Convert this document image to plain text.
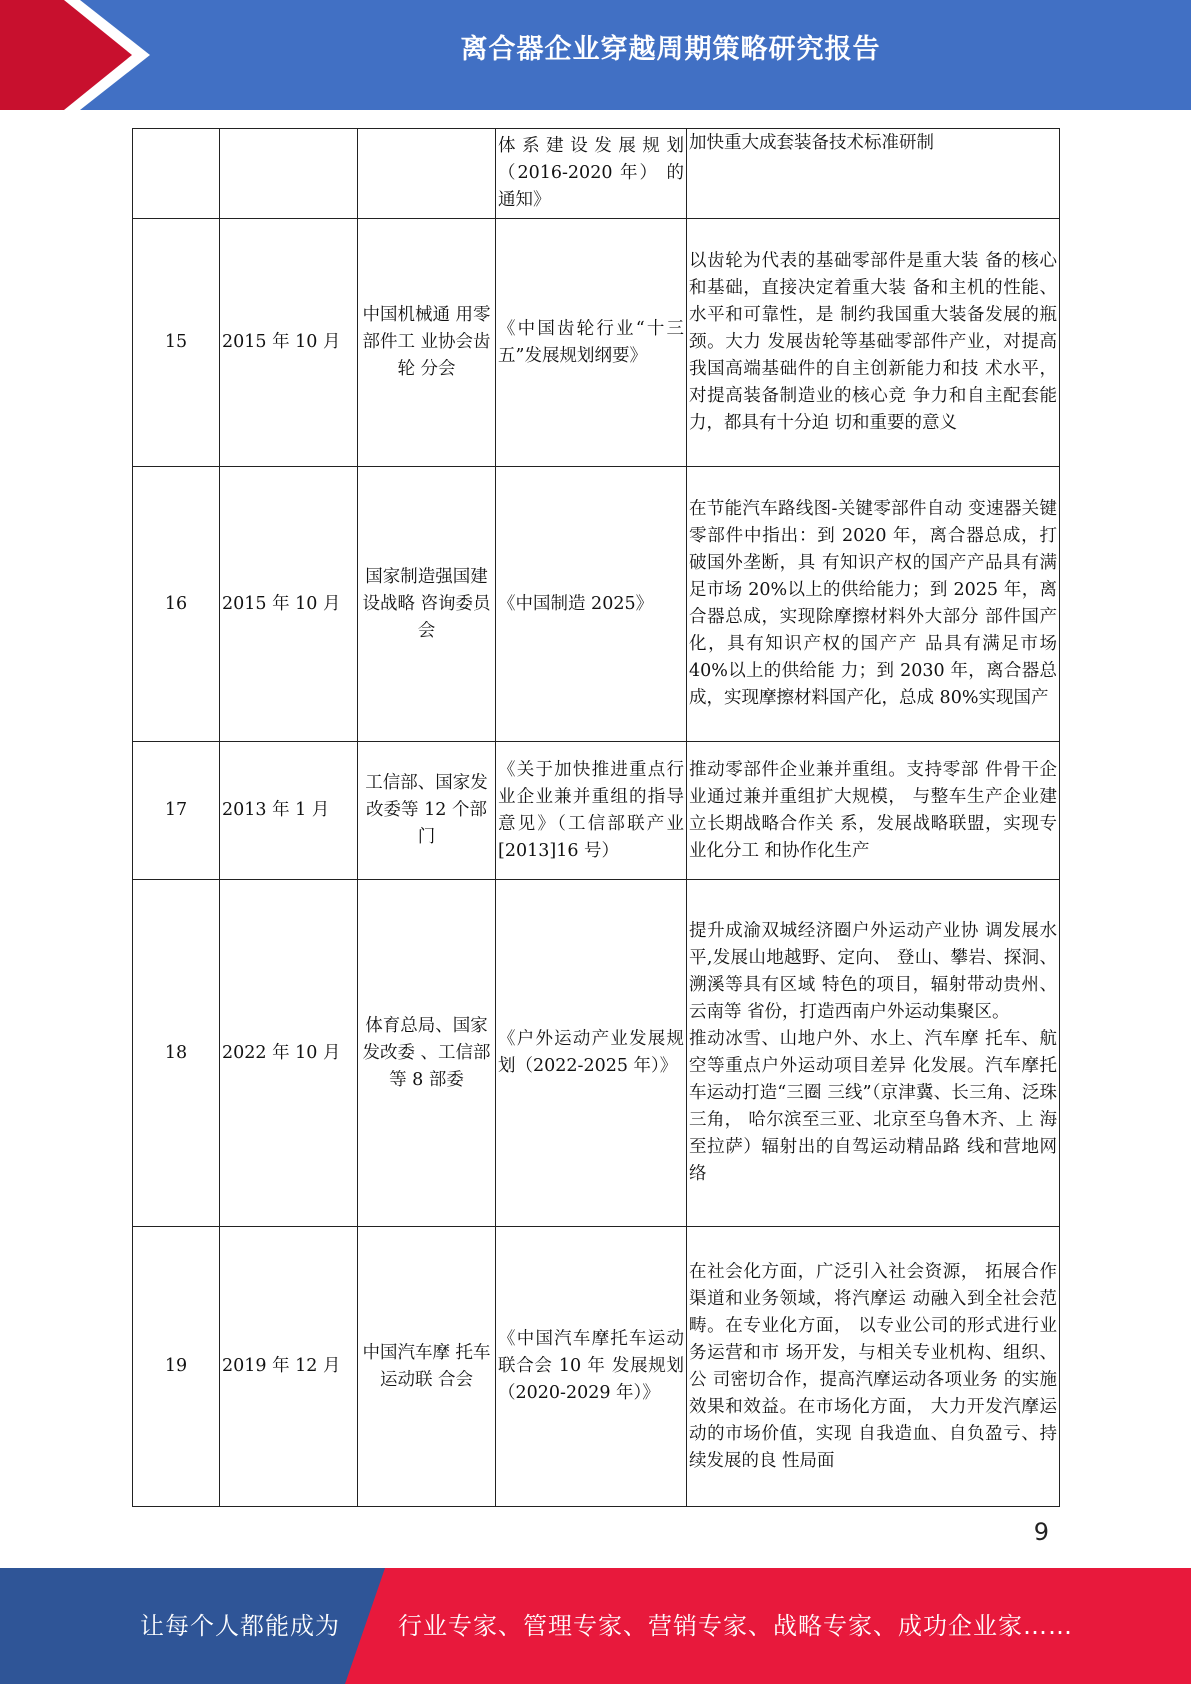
离合器企业穿越周期策略研究报告
			体系建设发展规划（2016-2020 年） 的通知》	加快重大成套装备技术标准研制
15	2015 年 10 月	中国机械通 用零部件工 业协会齿轮 分会	《中国齿轮行业“十三五”发展规划纲要》	以齿轮为代表的基础零部件是重大装 备的核心和基础，直接决定着重大装 备和主机的性能、水平和可靠性，是 制约我国重大装备发展的瓶颈。大力 发展齿轮等基础零部件产业，对提高 我国高端基础件的自主创新能力和技 术水平，对提高装备制造业的核心竞 争力和自主配套能力，都具有十分迫 切和重要的意义
16	2015 年 10 月	国家制造强国建设战略 咨询委员会	《中国制造 2025》	在节能汽车路线图-关键零部件自动 变速器关键零部件中指出：到 2020 年，离合器总成，打破国外垄断，具 有知识产权的国产产品具有满足市场 20%以上的供给能力；到 2025 年，离 合器总成，实现除摩擦材料外大部分 部件国产化，具有知识产权的国产产 品具有满足市场 40%以上的供给能 力；到 2030 年，离合器总成，实现摩擦材料国产化，总成 80%实现国产
17	2013 年 1 月	工信部、国家发改委等 12 个部门	《关于加快推进重点行业企业兼并重组的指导意见》（工信部联产业 [2013]16 号）	推动零部件企业兼并重组。支持零部 件骨干企业通过兼并重组扩大规模， 与整车生产企业建立长期战略合作关 系，发展战略联盟，实现专业化分工 和协作化生产
18	2022 年 10 月	体育总局、国家发改委 、工信部等 8 部委	《户外运动产业发展规划（2022-2025 年）》	提升成渝双城经济圈户外运动产业协 调发展水平,发展山地越野、定向、 登山、攀岩、探洞、溯溪等具有区域 特色的项目，辐射带动贵州、云南等 省份，打造西南户外运动集聚区。
推动冰雪、山地户外、水上、汽车摩 托车、航空等重点户外运动项目差异 化发展。汽车摩托车运动打造“三圈 三线”（京津冀、长三角、泛珠三角， 哈尔滨至三亚、北京至乌鲁木齐、上 海至拉萨）辐射出的自驾运动精品路 线和营地网络
19	2019 年 12 月	中国汽车摩 托车运动联 合会	《中国汽车摩托车运动联合会 10 年 发展规划（2020-2029 年）》	在社会化方面，广泛引入社会资源， 拓展合作渠道和业务领域，将汽摩运 动融入到全社会范畴。在专业化方面， 以专业公司的形式进行业务运营和市 场开发，与相关专业机构、组织、公 司密切合作，提高汽摩运动各项业务 的实施效果和效益。在市场化方面， 大力开发汽摩运动的市场价值，实现 自我造血、自负盈亏、持续发展的良 性局面
9
让每个人都能成为 行业专家、管理专家、营销专家、战略专家、成功企业家……
